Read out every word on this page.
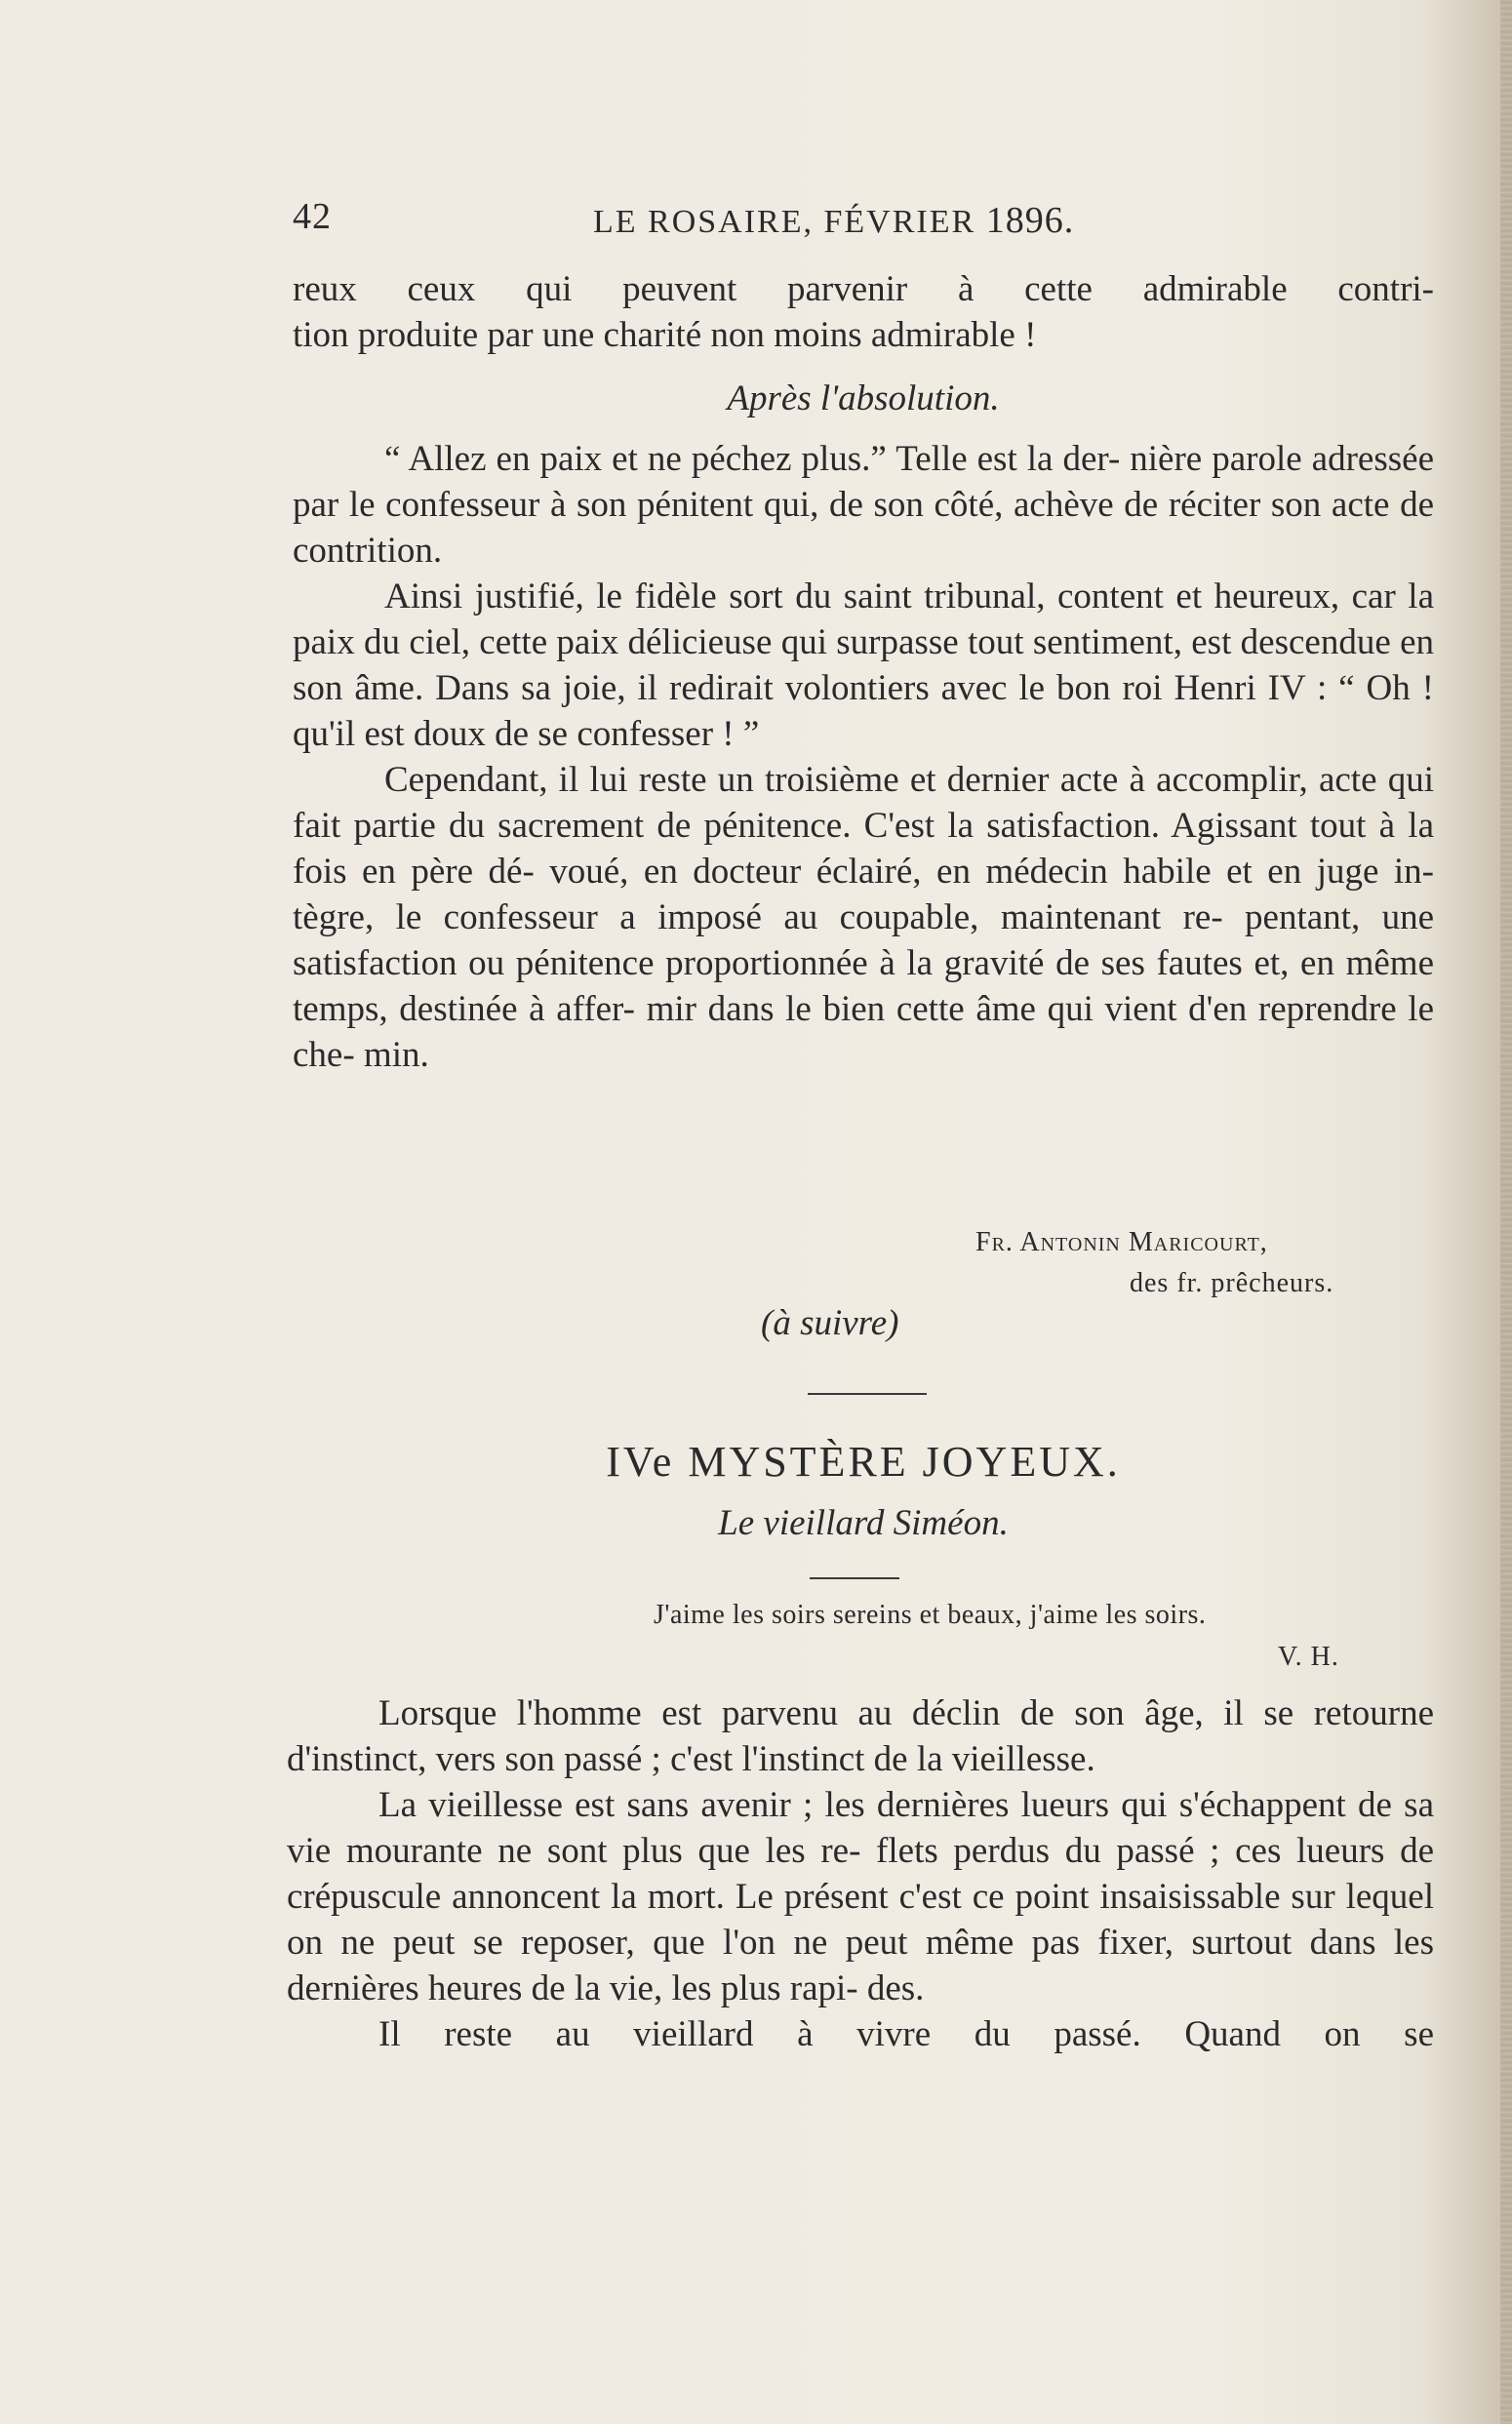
42	LE ROSAIRE, FÉVRIER 1896.

reux ceux qui peuvent parvenir à cette admirable contri-

tion produite par une charité non moins admirable !

Après l'absolution.

“ Allez en paix et ne péchez plus.” Telle est la der- nière parole adressée par le confesseur à son pénitent qui, de son côté, achève de réciter son acte de contrition.

Ainsi justifié, le fidèle sort du saint tribunal, content et heureux, car la paix du ciel, cette paix délicieuse qui surpasse tout sentiment, est descendue en son âme. Dans sa joie, il redirait volontiers avec le bon roi Henri IV : “ Oh ! qu'il est doux de se confesser ! ”

Cependant, il lui reste un troisième et dernier acte à accomplir, acte qui fait partie du sacrement de pénitence. C'est la satisfaction. Agissant tout à la fois en père dé- voué, en docteur éclairé, en médecin habile et en juge in- tègre, le confesseur a imposé au coupable, maintenant re- pentant, une satisfaction ou pénitence proportionnée à la gravité de ses fautes et, en même temps, destinée à affer- mir dans le bien cette âme qui vient d'en reprendre le che- min.

Fr. Antonin Maricourt,
des fr. prêcheurs.
(à suivre)
IVe MYSTÈRE JOYEUX.
Le vieillard Siméon.
J'aime les soirs sereins et beaux, j'aime les soirs.
V. H.

Lorsque l'homme est parvenu au déclin de son âge, il se retourne d'instinct, vers son passé ; c'est l'instinct de la vieillesse.

La vieillesse est sans avenir ; les dernières lueurs qui s'échappent de sa vie mourante ne sont plus que les re- flets perdus du passé ; ces lueurs de crépuscule annoncent la mort. Le présent c'est ce point insaisissable sur lequel on ne peut se reposer, que l'on ne peut même pas fixer, surtout dans les dernières heures de la vie, les plus rapi- des.

Il reste au vieillard à vivre du passé. Quand on se
